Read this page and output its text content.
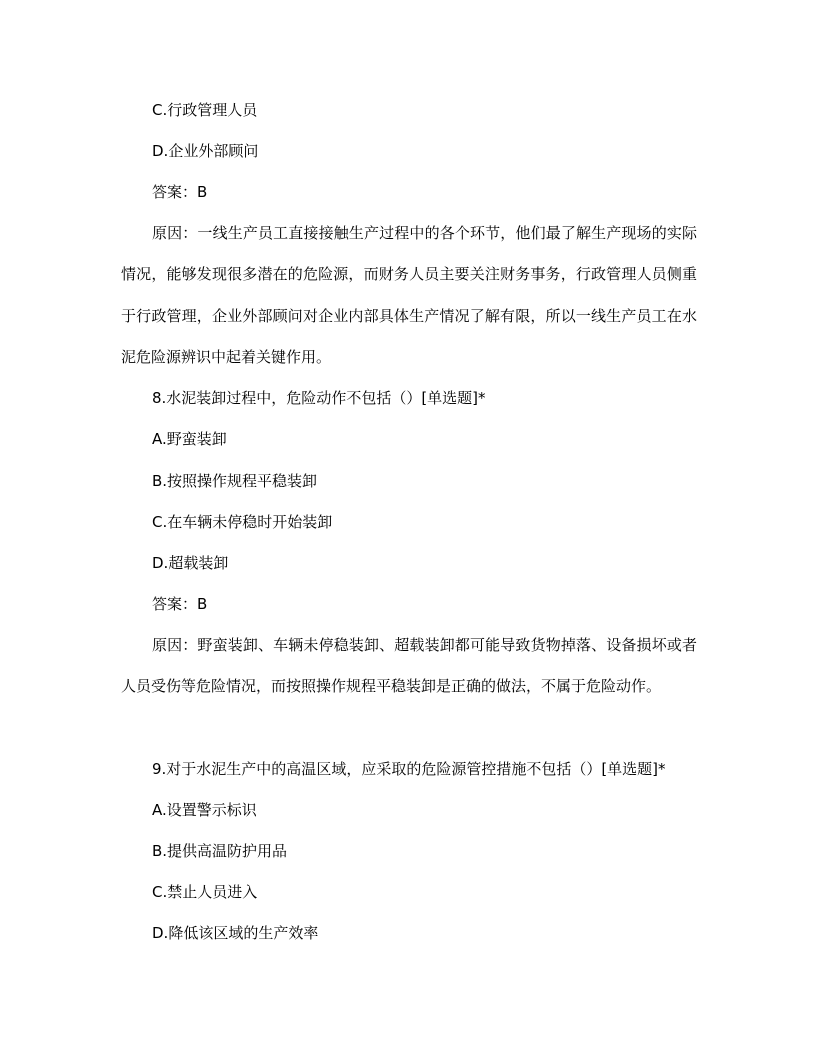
C.行政管理人员
D.企业外部顾问
答案：B

原因：一线生产员工直接接触生产过程中的各个环节，他们最了解生产现场的实际情况，能够发现很多潜在的危险源，而财务人员主要关注财务事务，行政管理人员侧重于行政管理，企业外部顾问对企业内部具体生产情况了解有限，所以一线生产员工在水泥危险源辨识中起着关键作用。

8.水泥装卸过程中，危险动作不包括（）[单选题]*
A.野蛮装卸
B.按照操作规程平稳装卸
C.在车辆未停稳时开始装卸
D.超载装卸
答案：B

原因：野蛮装卸、车辆未停稳装卸、超载装卸都可能导致货物掉落、设备损坏或者人员受伤等危险情况，而按照操作规程平稳装卸是正确的做法，不属于危险动作。

9.对于水泥生产中的高温区域，应采取的危险源管控措施不包括（）[单选题]*
A.设置警示标识
B.提供高温防护用品
C.禁止人员进入
D.降低该区域的生产效率
